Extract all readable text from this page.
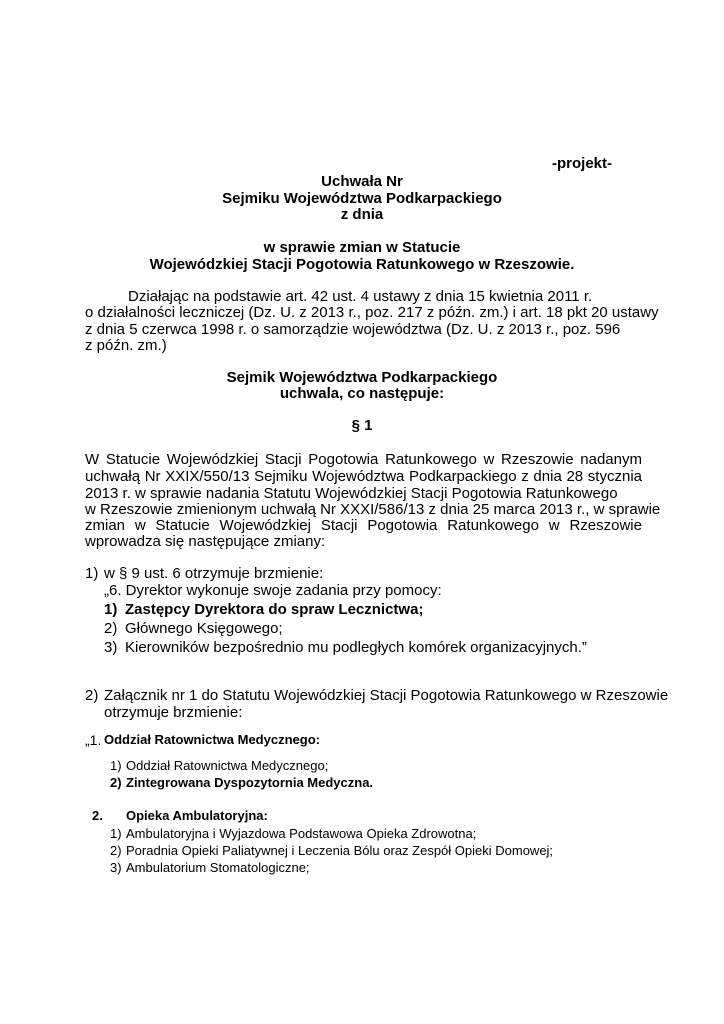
-projekt-
Uchwała Nr
Sejmiku Województwa Podkarpackiego
z dnia
w sprawie zmian w Statucie
Wojewódzkiej Stacji Pogotowia Ratunkowego w Rzeszowie.
Działając na podstawie art. 42 ust. 4 ustawy z dnia 15 kwietnia 2011 r.
o działalności leczniczej (Dz. U. z 2013 r., poz. 217 z późn. zm.) i art. 18 pkt 20 ustawy
z dnia 5 czerwca 1998 r. o samorządzie województwa (Dz. U. z 2013 r., poz. 596
z późn. zm.)
Sejmik Województwa Podkarpackiego
uchwala, co następuje:
§ 1
W Statucie Wojewódzkiej Stacji Pogotowia Ratunkowego w Rzeszowie nadanym
uchwałą Nr XXIX/550/13 Sejmiku Województwa Podkarpackiego z dnia 28 stycznia
2013 r. w sprawie nadania Statutu Wojewódzkiej Stacji Pogotowia Ratunkowego
w Rzeszowie zmienionym uchwałą Nr XXXI/586/13 z dnia 25 marca 2013 r., w sprawie
zmian w Statucie Wojewódzkiej Stacji Pogotowia Ratunkowego w Rzeszowie
wprowadza się następujące zmiany:
1) w § 9 ust. 6 otrzymuje brzmienie:
„6. Dyrektor wykonuje swoje zadania przy pomocy:
1) Zastępcy Dyrektora do spraw Lecznictwa;
2) Głównego Księgowego;
3) Kierowników bezpośrednio mu podległych komórek organizacyjnych.”
2) Załącznik nr 1 do Statutu Wojewódzkiej Stacji Pogotowia Ratunkowego w Rzeszowie
otrzymuje brzmienie:
„1. Oddział Ratownictwa Medycznego:
1) Oddział Ratownictwa Medycznego;
2) Zintegrowana Dyspozytornia Medyczna.
2. Opieka Ambulatoryjna:
1) Ambulatoryjna i Wyjazdowa Podstawowa Opieka Zdrowotna;
2) Poradnia Opieki Paliatywnej i Leczenia Bólu oraz Zespół Opieki Domowej;
3) Ambulatorium Stomatologiczne;
